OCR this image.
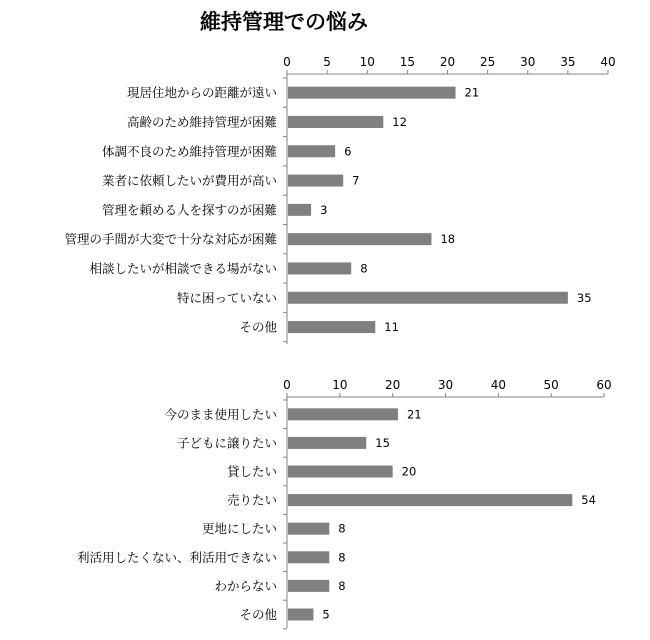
維持管理での悩み
0	5 10 15 20 25 30 35 40
現居住地からの距離が遠い	21
高齢のため維持管理が困難	12
体調不良のため維持管理が困難	6
業者に依頼したいが費用が高い	7
管理を頼める人を探すのが困難	3
管理の手間が大変で十分な対応が困難	18
相談したいが相談できる場がない	8
特に困っていない	35
その他	11
0	10	20	30	40	50	60
今のまま使用したい	21
子どもに譲りたい	15
貸したい	20
売りたい	54
更地にしたい	8
利活用したくない、利活用できない	8
わからない	8
その他	5
